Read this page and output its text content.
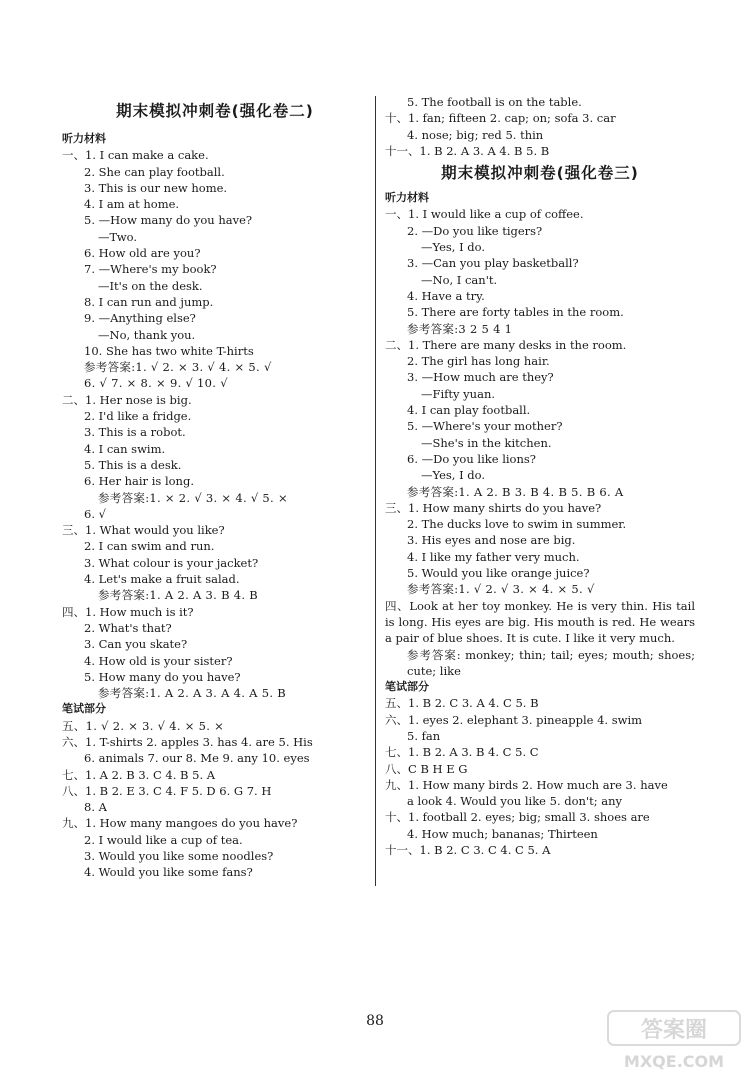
期末模拟冲刺卷(强化卷二)
听力材料
一、1. I can make a cake.
2. She can play football.
3. This is our new home.
4. I am at home.
5. —How many do you have?
—Two.
6. How old are you?
7. —Where's my book?
—It's on the desk.
8. I can run and jump.
9. —Anything else?
—No, thank you.
10. She has two white T-hirts
参考答案:1. √ 2. × 3. √ 4. × 5. √
6. √ 7. × 8. × 9. √ 10. √
二、1. Her nose is big.
2. I'd like a fridge.
3. This is a robot.
4. I can swim.
5. This is a desk.
6. Her hair is long.
参考答案:1. × 2. √ 3. × 4. √ 5. ×
6. √
三、1. What would you like?
2. I can swim and run.
3. What colour is your jacket?
4. Let's make a fruit salad.
参考答案:1. A 2. A 3. B 4. B
四、1. How much is it?
2. What's that?
3. Can you skate?
4. How old is your sister?
5. How many do you have?
参考答案:1. A 2. A 3. A 4. A 5. B
笔试部分
五、1. √ 2. × 3. √ 4. × 5. ×
六、1. T-shirts 2. apples 3. has 4. are 5. His
6. animals 7. our 8. Me 9. any 10. eyes
七、1. A 2. B 3. C 4. B 5. A
八、1. B 2. E 3. C 4. F 5. D 6. G 7. H
8. A
九、1. How many mangoes do you have?
2. I would like a cup of tea.
3. Would you like some noodles?
4. Would you like some fans?
5. The football is on the table.
十、1. fan; fifteen 2. cap; on; sofa 3. car
4. nose; big; red 5. thin
十一、1. B 2. A 3. A 4. B 5. B
期末模拟冲刺卷(强化卷三)
听力材料
一、1. I would like a cup of coffee.
2. —Do you like tigers?
—Yes, I do.
3. —Can you play basketball?
—No, I can't.
4. Have a try.
5. There are forty tables in the room.
参考答案:3 2 5 4 1
二、1. There are many desks in the room.
2. The girl has long hair.
3. —How much are they?
—Fifty yuan.
4. I can play football.
5. —Where's your mother?
—She's in the kitchen.
6. —Do you like lions?
—Yes, I do.
参考答案:1. A 2. B 3. B 4. B 5. B 6. A
三、1. How many shirts do you have?
2. The ducks love to swim in summer.
3. His eyes and nose are big.
4. I like my father very much.
5. Would you like orange juice?
参考答案:1. √ 2. √ 3. × 4. × 5. √
四、Look at her toy monkey. He is very thin. His tail is long. His eyes are big. His mouth is red. He wears a pair of blue shoes. It is cute. I like it very much.
参考答案: monkey; thin; tail; eyes; mouth; shoes; cute; like
笔试部分
五、1. B 2. C 3. A 4. C 5. B
六、1. eyes 2. elephant 3. pineapple 4. swim
5. fan
七、1. B 2. A 3. B 4. C 5. C
八、C B H E G
九、1. How many birds 2. How much are 3. have
a look 4. Would you like 5. don't; any
十、1. football 2. eyes; big; small 3. shoes are
4. How much; bananas; Thirteen
十一、1. B 2. C 3. C 4. C 5. A
88	答案圈
MXQE.COM
